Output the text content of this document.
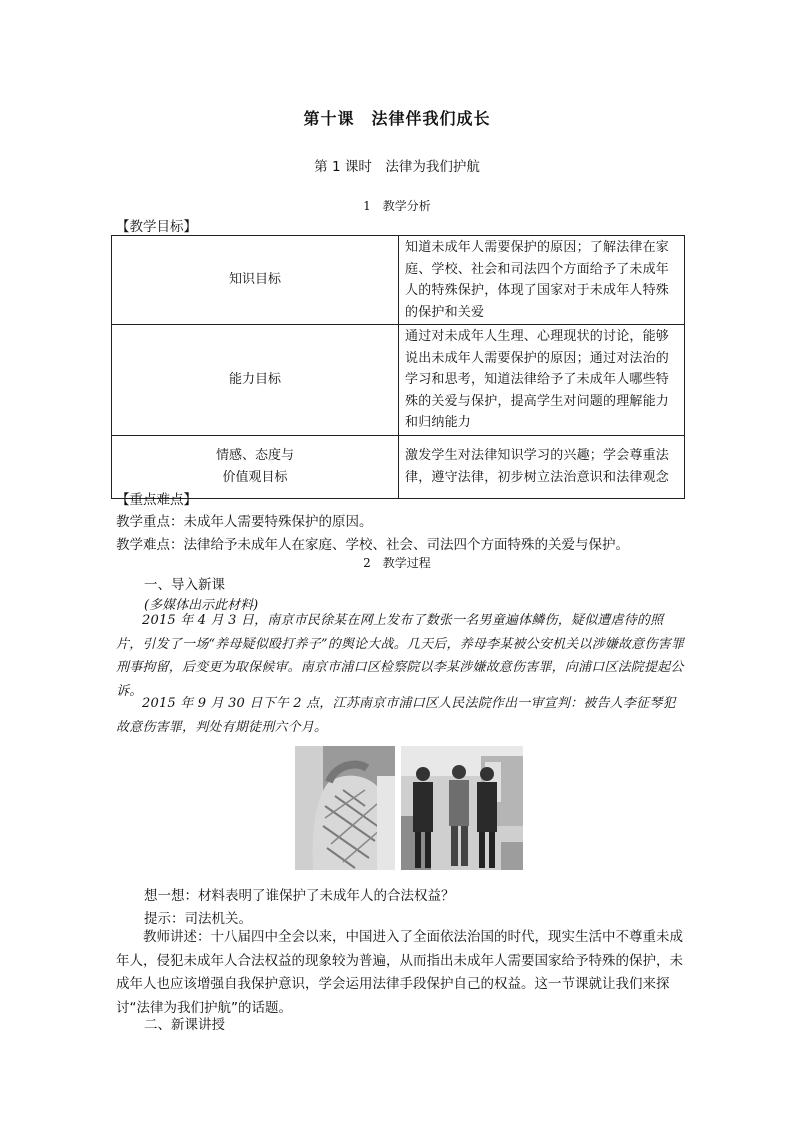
第十课　法律伴我们成长
第 1 课时　法律为我们护航
1　教学分析
【教学目标】
知识目标	知道未成年人需要保护的原因；了解法律在家庭、学校、社会和司法四个方面给予了未成年人的特殊保护，体现了国家对于未成年人特殊的保护和关爱
能力目标	通过对未成年人生理、心理现状的讨论，能够说出未成年人需要保护的原因；通过对法治的学习和思考，知道法律给予了未成年人哪些特殊的关爱与保护，提高学生对问题的理解能力和归纳能力

情感、态度与
价值观目标	激发学生对法律知识学习的兴趣；学会尊重法律，遵守法律，初步树立法治意识和法律观念
【重点难点】
教学重点：未成年人需要特殊保护的原因。
教学难点：法律给予未成年人在家庭、学校、社会、司法四个方面特殊的关爱与保护。
2　教学过程
一、导入新课
(多媒体出示此材料)
2015 年 4 月 3 日，南京市民徐某在网上发布了数张一名男童遍体鳞伤，疑似遭虐待的照片，引发了一场“养母疑似殴打养子”的舆论大战。几天后，养母李某被公安机关以涉嫌故意伤害罪刑事拘留，后变更为取保候审。南京市浦口区检察院以李某涉嫌故意伤害罪，向浦口区法院提起公诉。
2015 年 9 月 30 日下午 2 点，江苏南京市浦口区人民法院作出一审宣判：被告人李征琴犯故意伤害罪，判处有期徒刑六个月。
想一想：材料表明了谁保护了未成年人的合法权益？
提示：司法机关。
教师讲述：十八届四中全会以来，中国进入了全面依法治国的时代，现实生活中不尊重未成年人，侵犯未成年人合法权益的现象较为普遍，从而指出未成年人需要国家给予特殊的保护，未成年人也应该增强自我保护意识，学会运用法律手段保护自己的权益。这一节课就让我们来探讨“法律为我们护航”的话题。
二、新课讲授
